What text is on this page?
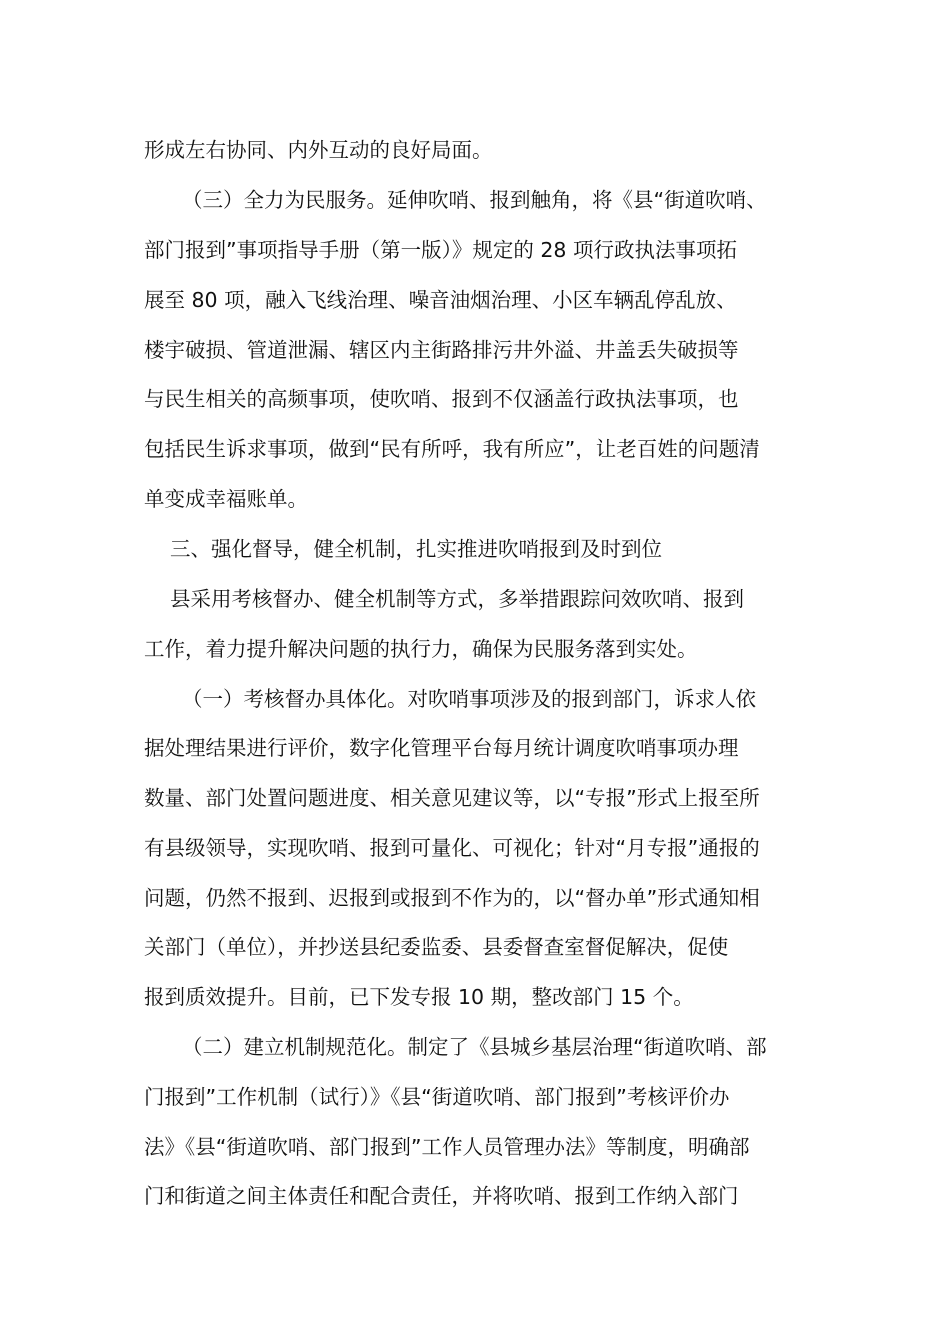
形成左右协同、内外互动的良好局面。
（三）全力为民服务。延伸吹哨、报到触角，将《县“街道吹哨、
部门报到”事项指导手册（第一版）》规定的 28 项行政执法事项拓
展至 80 项，融入飞线治理、噪音油烟治理、小区车辆乱停乱放、
楼宇破损、管道泄漏、辖区内主街路排污井外溢、井盖丢失破损等
与民生相关的高频事项，使吹哨、报到不仅涵盖行政执法事项，也
包括民生诉求事项，做到“民有所呼，我有所应”，让老百姓的问题清
单变成幸福账单。
三、强化督导，健全机制，扎实推进吹哨报到及时到位
县采用考核督办、健全机制等方式，多举措跟踪问效吹哨、报到
工作，着力提升解决问题的执行力，确保为民服务落到实处。
（一）考核督办具体化。对吹哨事项涉及的报到部门，诉求人依
据处理结果进行评价，数字化管理平台每月统计调度吹哨事项办理
数量、部门处置问题进度、相关意见建议等，以“专报”形式上报至所
有县级领导，实现吹哨、报到可量化、可视化；针对“月专报”通报的
问题，仍然不报到、迟报到或报到不作为的，以“督办单”形式通知相
关部门（单位），并抄送县纪委监委、县委督查室督促解决，促使
报到质效提升。目前，已下发专报 10 期，整改部门 15 个。
（二）建立机制规范化。制定了《县城乡基层治理“街道吹哨、部
门报到”工作机制（试行）》《县“街道吹哨、部门报到”考核评价办
法》《县“街道吹哨、部门报到”工作人员管理办法》等制度，明确部
门和街道之间主体责任和配合责任，并将吹哨、报到工作纳入部门
